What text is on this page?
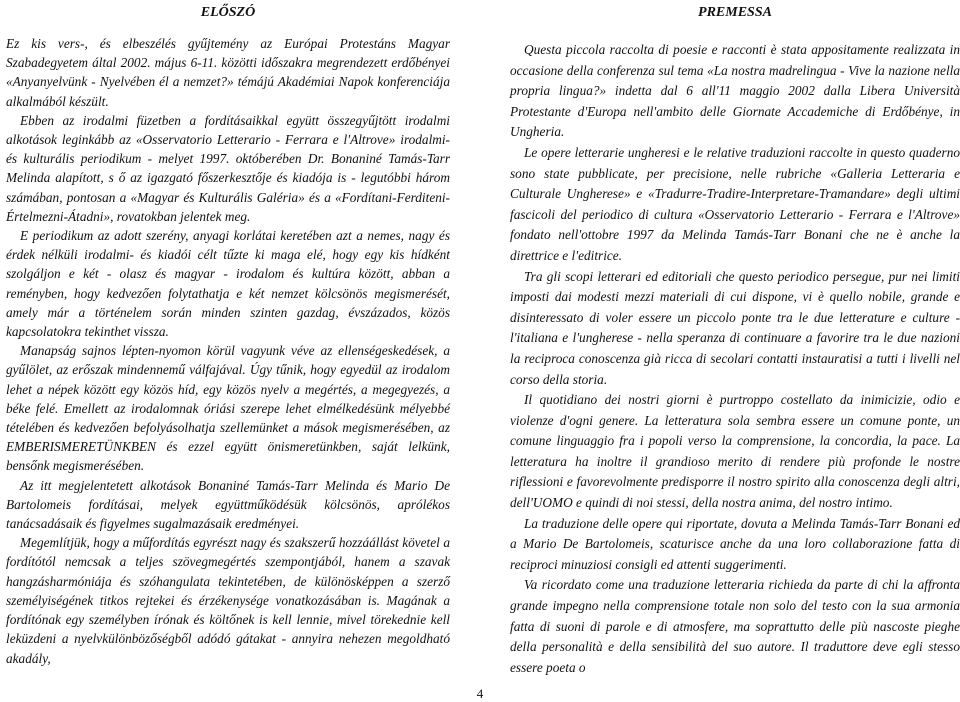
ELŐSZÓ

Ez kis vers-, és elbeszélés gyűjtemény az Európai Protestáns Magyar Szabadegyetem által 2002. május 6-11. közötti időszakra megrendezett erdőbényei «Anyanyelvünk - Nyelvében él a nemzet?» témájú Akadémiai Napok konferenciája alkalmából készült.

Ebben az irodalmi füzetben a fordításaikkal együtt összegyűjtött irodalmi alkotások leginkább az «Osservatorio Letterario - Ferrara e l'Altrove» irodalmi- és kulturális periodikum - melyet 1997. októberében Dr. Bonaniné Tamás-Tarr Melinda alapított, s ő az igazgató főszerkesztője és kiadója is - legutóbbi három számában, pontosan a «Magyar és Kulturális Galéria» és a «Fordítani-Ferditeni-Értelmezni-Átadni», rovatokban jelentek meg.

E periodikum az adott szerény, anyagi korlátai keretében azt a nemes, nagy és érdek nélküli irodalmi- és kiadói célt tűzte ki maga elé, hogy egy kis hídként szolgáljon e két - olasz és magyar - irodalom és kultúra között, abban a reményben, hogy kedvezően folytathatja e két nemzet kölcsönös megismerését, amely már a történelem során minden szinten gazdag, évszázados, közös kapcsolatokra tekinthet vissza.

Manapság sajnos lépten-nyomon körül vagyunk véve az ellenségeskedések, a gyűlölet, az erőszak mindennemű válfajával. Úgy tűnik, hogy egyedül az irodalom lehet a népek között egy közös híd, egy közös nyelv a megértés, a megegyezés, a béke felé. Emellett az irodalomnak óriási szerepe lehet elmélkedésünk mélyebbé tételében és kedvezően befolyásolhatja szellemünket a mások megismerésében, az EMBERISMERETÜNKBEN és ezzel együtt önismeretünkben, saját lelkünk, bensőnk megismerésében.

Az itt megjelentetett alkotások Bonaniné Tamás-Tarr Melinda és Mario De Bartolomeis fordításai, melyek együttműködésük kölcsönös, aprólékos tanácsadásaik és figyelmes sugalmazásaik eredményei.

Megemlítjük, hogy a műfordítás egyrészt nagy és szakszerű hozzáállást követel a fordítótól nemcsak a teljes szövegmegértés szempontjából, hanem a szavak hangzásharmóniája és szóhangulata tekintetében, de különösképpen a szerző személyiségének titkos rejtekei és érzékenysége vonatkozásában is. Magának a fordítónak egy személyben írónak és költőnek is kell lennie, mivel törekednie kell leküzdeni a nyelvkülönbözőségből adódó gátakat - annyira nehezen megoldható akadály,

PREMESSA

Questa piccola raccolta di poesie e racconti è stata appositamente realizzata in occasione della conferenza sul tema «La nostra madrelingua - Vive la nazione nella propria lingua?» indetta dal 6 all'11 maggio 2002 dalla Libera Università Protestante d'Europa nell'ambito delle Giornate Accademiche di Erdőbénye, in Ungheria.

Le opere letterarie ungheresi e le relative traduzioni raccolte in questo quaderno sono state pubblicate, per precisione, nelle rubriche «Galleria Letteraria e Culturale Ungherese» e «Tradurre-Tradire-Interpretare-Tramandare» degli ultimi fascicoli del periodico di cultura «Osservatorio Letterario - Ferrara e l'Altrove» fondato nell'ottobre 1997 da Melinda Tamás-Tarr Bonani che ne è anche la direttrice e l'editrice.

Tra gli scopi letterari ed editoriali che questo periodico persegue, pur nei limiti imposti dai modesti mezzi materiali di cui dispone, vi è quello nobile, grande e disinteressato di voler essere un piccolo ponte tra le due letterature e culture - l'italiana e l'ungherese - nella speranza di continuare a favorire tra le due nazioni la reciproca conoscenza già ricca di secolari contatti instauratisi a tutti i livelli nel corso della storia.

Il quotidiano dei nostri giorni è purtroppo costellato da inimicizie, odio e violenze d'ogni genere. La letteratura sola sembra essere un comune ponte, un comune linguaggio fra i popoli verso la comprensione, la concordia, la pace. La letteratura ha inoltre il grandioso merito di rendere più profonde le nostre riflessioni e favorevolmente predisporre il nostro spirito alla conoscenza degli altri, dell'UOMO e quindi di noi stessi, della nostra anima, del nostro intimo.

La traduzione delle opere qui riportate, dovuta a Melinda Tamás-Tarr Bonani ed a Mario De Bartolomeis, scaturisce anche da una loro collaborazione fatta di reciproci minuziosi consigli ed attenti suggerimenti.

Va ricordato come una traduzione letteraria richieda da parte di chi la affronta grande impegno nella comprensione totale non solo del testo con la sua armonia fatta di suoni di parole e di atmosfere, ma soprattutto delle più nascoste pieghe della personalità e della sensibilità del suo autore. Il traduttore deve egli stesso essere poeta o

4
